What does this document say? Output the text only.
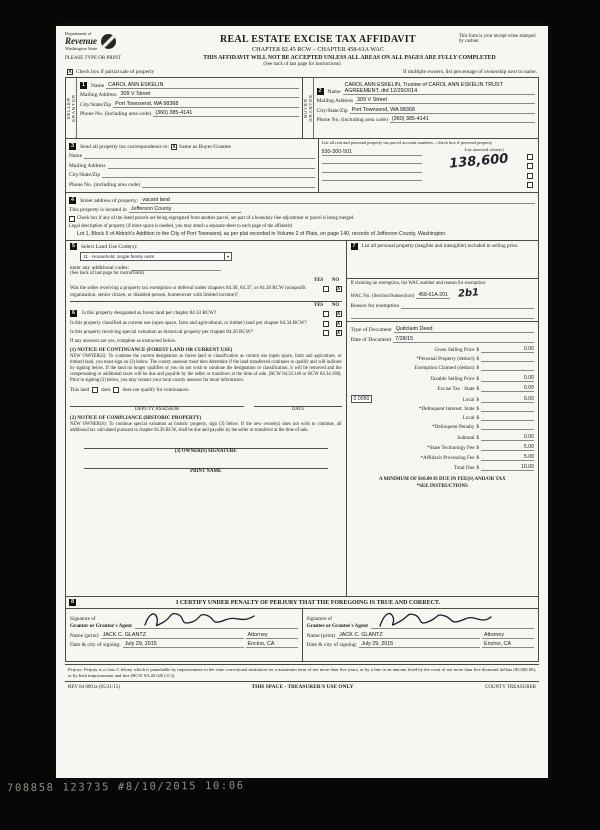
708858 123735 #8/10/2015 10:06
Department of
Revenue
Washington State
REAL ESTATE EXCISE TAX AFFIDAVIT
CHAPTER 82.45 RCW – CHAPTER 458-61A WAC
This form is your receipt when stamped by cashier.
PLEASE TYPE OR PRINT	THIS AFFIDAVIT WILL NOT BE ACCEPTED UNLESS ALL AREAS ON ALL PAGES ARE FULLY COMPLETED
(See back of last page for instructions)
X Check box if partial sale of property	If multiple owners, list percentage of ownership next to name.
SELLER GRANTOR
1	Name CAROL ANN ESKELIN
Mailing Address 309 V Street
City/State/Zip Port Townsend, WA 98368
Phone No. (including area code) (360) 385-4141	BUYER GRANTEE
2	Name
CAROL ANN ESKELIN, Trustee of CAROL ANN ESKELIN TRUST AGREEMENT, dtd 12/29/2014
Mailing Address 309 V Street
City/State/Zip Port Townsend, WA 98368
Phone No. (including area code) (360) 385-4141
3	Send all property tax correspondence to: X Same as Buyer/Grantee
Name
Mailing Address
City/State/Zip
Phone No. (including area code)
List all real and personal property tax parcel account numbers – check box if personal property
930-300-501	List assessed value(s)
138,600
4	Street address of property: vacant land
This property is located in Jefferson County
Check box if any of the listed parcels are being segregated from another parcel, are part of a boundary line adjustment or parcel is being merged.
Legal description of property (if more space is needed, you may attach a separate sheet to each page of the affidavit)
Lot 1, Block 5 of Aldrich's Addition to the City of Port Townsend, as per plat recorded in Volume 2 of Plats, on page 140, records of Jefferson County, Washington.
5	Select Land Use Code(s):
11 - Household, single family units	▼
enter any additional codes:
(See back of last page for instructions)
YES	NO
Was the seller receiving a property tax exemption or deferral under chapters 84.36, 84.37, or 84.38 RCW (nonprofit organization, senior citizen, or disabled person, homeowner with limited income)?
X
YES	NO
6	Is this property designated as forest land per chapter 84.33 RCW?	X
Is this property classified as current use (open space, farm and agricultural, or timber) land per chapter 84.34 RCW?	X
Is this property receiving special valuation as historical property per chapter 84.26 RCW?	X
If any answers are yes, complete as instructed below.
(1) NOTICE OF CONTINUANCE (FOREST LAND OR CURRENT USE)
NEW OWNER(S): To continue the current designation as forest land or classification as current use (open space, farm and agriculture, or timber) land, you must sign on (3) below. The county assessor must then determine if the land transferred continues to qualify and will indicate by signing below. If the land no longer qualifies or you do not wish to continue the designation or classification, it will be removed and the compensating or additional taxes will be due and payable by the seller or transferor at the time of sale. (RCW 84.33.140 or RCW 84.34.108). Prior to signing (3) below, you may contact your local county assessor for more information.
This land does does not qualify for continuance.
DEPUTY ASSESSOR	DATE
(2) NOTICE OF COMPLIANCE (HISTORIC PROPERTY)
NEW OWNER(S): To continue special valuation as historic property, sign (3) below. If the new owner(s) does not wish to continue, all additional tax calculated pursuant to chapter 84.26 RCW, shall be due and payable by the seller or transferor at the time of sale.
(3) OWNER(S) SIGNATURE
PRINT NAME
7	List all personal property (tangible and intangible) included in selling price.
If claiming an exemption, list WAC number and reason for exemption:
WAC No. (Section/Subsection) 458-61A-201 2b1
Reason for exemption
Type of Document Quitclaim Deed
Date of Document 7/28/15
Gross Selling Price $	0.00
*Personal Property (deduct) $
Exemption Claimed (deduct) $
Taxable Selling Price $	0.00
Excise Tax : State $	0.00
0.0050	Local $	0.00
*Delinquent Interest: State $
Local $
*Delinquent Penalty $
Subtotal $	0.00
*State Technology Fee $	5.00
*Affidavit Processing Fee $	5.00
Total Due $	10.00
A MINIMUM OF $10.00 IS DUE IN FEE(S) AND/OR TAX
*SEE INSTRUCTIONS
8	I CERTIFY UNDER PENALTY OF PERJURY THAT THE FOREGOING IS TRUE AND CORRECT.
Signature of
Grantor or Grantor's Agent
Name (print) JACK C. GLANTZ	Attorney
Date & city of signing: July 29, 2015	Encino, CA
Signature of
Grantee or Grantee's Agent
Name (print) JACK C. GLANTZ	Attorney
Date & city of signing: July 29, 2015	Encino, CA
Perjury: Perjury is a class C felony which is punishable by imprisonment in the state correctional institution for a maximum term of not more than five years, or by a fine in an amount fixed by the court of not more than five thousand dollars ($5,000.00), or by both imprisonment and fine (RCW 9A.20.020 (1C)).
REV 84 0001a (05/21/15)	THIS SPACE - TREASURER'S USE ONLY	COUNTY TREASURER
